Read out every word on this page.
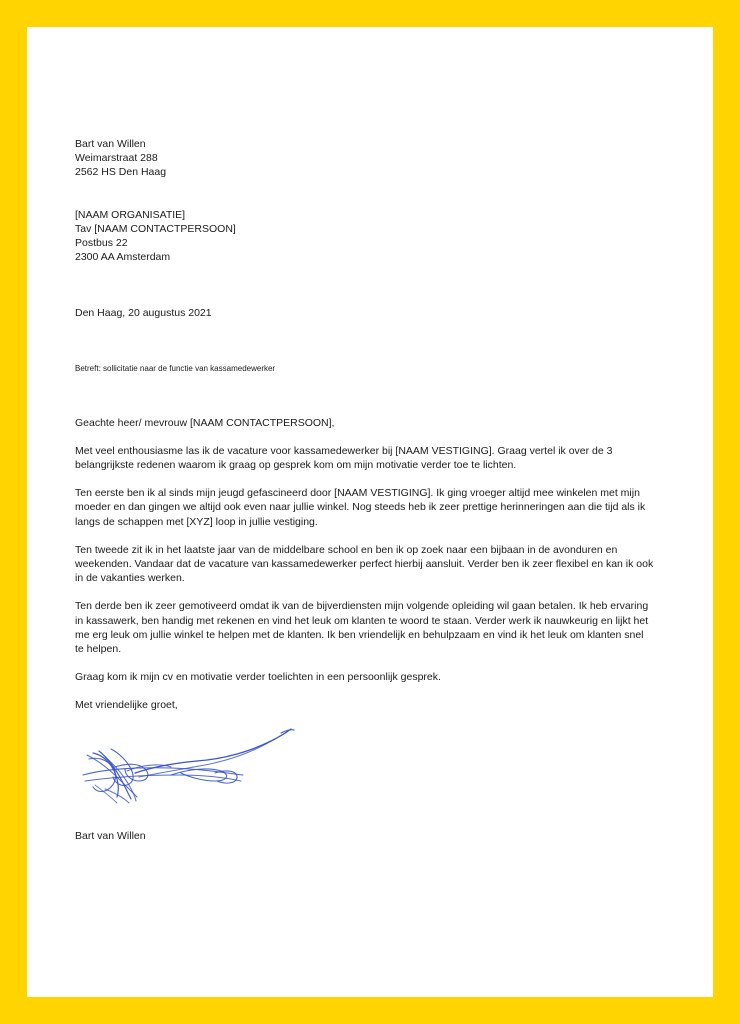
Bart van Willen
Weimarstraat 288
2562 HS Den Haag
[NAAM ORGANISATIE]
Tav [NAAM CONTACTPERSOON]
Postbus 22
2300 AA Amsterdam
Den Haag, 20 augustus 2021
Betreft: sollicitatie naar de functie van kassamedewerker
Geachte heer/ mevrouw [NAAM CONTACTPERSOON],

Met veel enthousiasme las ik de vacature voor kassamedewerker bij [NAAM VESTIGING]. Graag vertel ik over de 3 belangrijkste redenen waarom ik graag op gesprek kom om mijn motivatie verder toe te lichten.

Ten eerste ben ik al sinds mijn jeugd gefascineerd door [NAAM VESTIGING]. Ik ging vroeger altijd mee winkelen met mijn moeder en dan gingen we altijd ook even naar jullie winkel. Nog steeds heb ik zeer prettige herinneringen aan die tijd als ik langs de schappen met [XYZ] loop in jullie vestiging.

Ten tweede zit ik in het laatste jaar van de middelbare school en ben ik op zoek naar een bijbaan in de avonduren en weekenden. Vandaar dat de vacature van kassamedewerker perfect hierbij aansluit. Verder ben ik zeer flexibel en kan ik ook in de vakanties werken.

Ten derde ben ik zeer gemotiveerd omdat ik van de bijverdiensten mijn volgende opleiding wil gaan betalen. Ik heb ervaring in kassawerk, ben handig met rekenen en vind het leuk om klanten te woord te staan. Verder werk ik nauwkeurig en lijkt het me erg leuk om jullie winkel te helpen met de klanten. Ik ben vriendelijk en behulpzaam en vind ik het leuk om klanten snel te helpen.

Graag kom ik mijn cv en motivatie verder toelichten in een persoonlijk gesprek.

Met vriendelijke groet,
Bart van Willen
